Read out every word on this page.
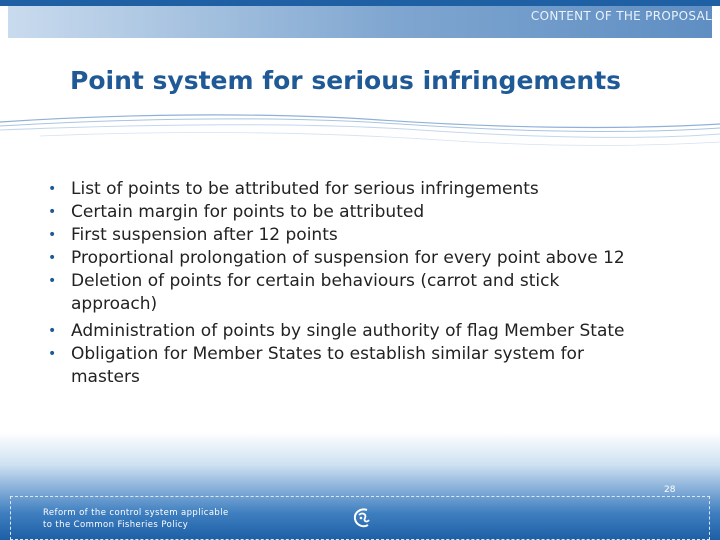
CONTENT OF THE PROPOSAL
Point system for serious infringements
• List of points to be attributed for serious infringements
• Certain margin for points to be attributed
• First suspension after 12 points
• Proportional prolongation of suspension for every point above 12
• Deletion of points for certain behaviours (carrot and stick
approach)
• Administration of points by single authority of flag Member State
• Obligation for Member States to establish similar system for
masters
Reform of the control system applicable
to the Common Fisheries Policy
28
